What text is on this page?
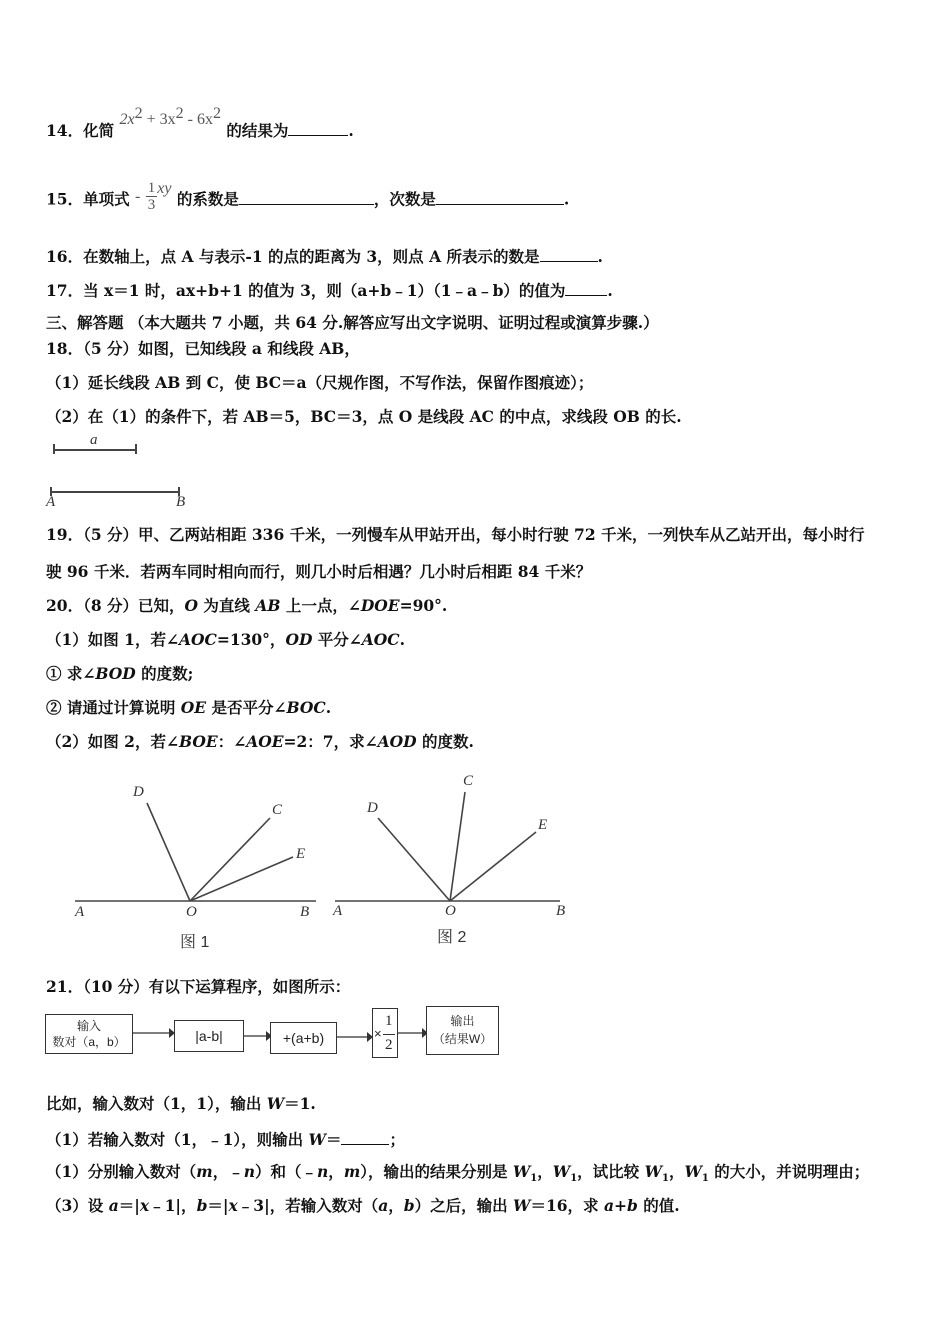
14．化简 $2x^2 + 3x^2 - 6x^2$ 的结果为	.
15．单项式 - $\frac{1}{3}$ xy 的系数是	，次数是	.
16．在数轴上，点 A 与表示-1 的点的距离为 3，则点 A 所表示的数是	.
17．当 x＝1 时，ax+b+1 的值为 3，则（a+b﹣1）（1﹣a﹣b）的值为	.
三、解答题 （本大题共 7 小题，共 64 分.解答应写出文字说明、证明过程或演算步骤.）
18．（5 分）如图，已知线段 a 和线段 AB，
（1）延长线段 AB 到 C，使 BC＝a（尺规作图，不写作法，保留作图痕迹）；
（2）在（1）的条件下，若 AB＝5，BC＝3，点 O 是线段 AC 的中点，求线段 OB 的长.
a
A	B
19．（5 分）甲、乙两站相距 336 千米，一列慢车从甲站开出，每小时行驶 72 千米，一列快车从乙站开出，每小时行
驶 96 千米．若两车同时相向而行，则几小时后相遇？几小时后相距 84 千米？
20．（8 分）已知，O 为直线 AB 上一点，∠DOE=90°.
（1）如图 1，若∠AOC=130°，OD 平分∠AOC.
① 求∠BOD 的度数;
② 请通过计算说明 OE 是否平分∠BOC.
（2）如图 2，若∠BOE：∠AOE=2：7，求∠AOD 的度数.
D
C
E
A	O	B
图 1
D
C
E
A	O	B
图 2
21．（10 分）有以下运算程序，如图所示：
输入
数对（a，b）	|a-b|	+(a+b)	×
1
2
输出
（结果W）
比如，输入数对（1，1），输出 W＝1.
（1）若输入数对（1，﹣1），则输出 W＝	；
（1）分别输入数对（m，﹣n）和（﹣n，m），输出的结果分别是 $W_1$，$W_1$，试比较 $W_1$，$W_1$ 的大小，并说明理由；
（3）设 a＝|x﹣1|，b＝|x﹣3|，若输入数对（a，b）之后，输出 W＝16，求 a+b 的值.
